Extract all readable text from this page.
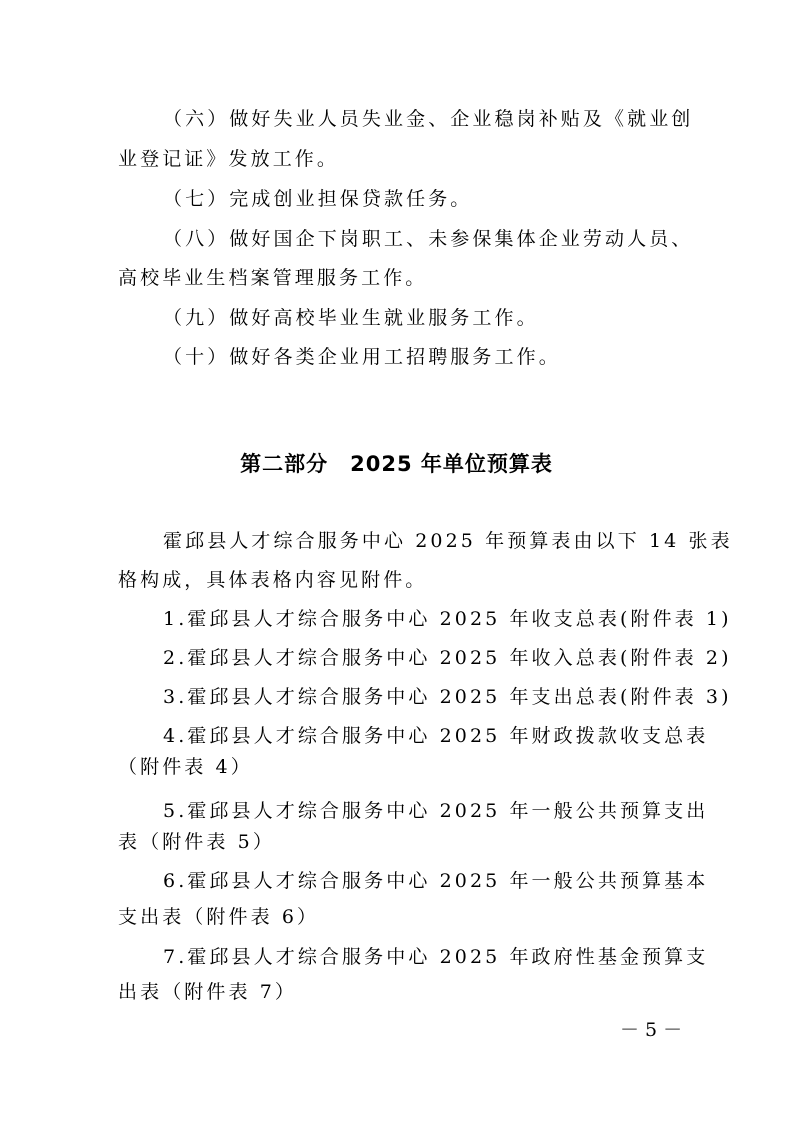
（六）做好失业人员失业金、企业稳岗补贴及《就业创
业登记证》发放工作。
（七）完成创业担保贷款任务。
（八）做好国企下岗职工、未参保集体企业劳动人员、
高校毕业生档案管理服务工作。
（九）做好高校毕业生就业服务工作。
（十）做好各类企业用工招聘服务工作。
第二部分　2025 年单位预算表
霍邱县人才综合服务中心 2025 年预算表由以下 14 张表
格构成，具体表格内容见附件。
1.霍邱县人才综合服务中心 2025 年收支总表(附件表 1)
2.霍邱县人才综合服务中心 2025 年收入总表(附件表 2)
3.霍邱县人才综合服务中心 2025 年支出总表(附件表 3)
4.霍邱县人才综合服务中心 2025 年财政拨款收支总表
（附件表 4）
5.霍邱县人才综合服务中心 2025 年一般公共预算支出
表（附件表 5）
6.霍邱县人才综合服务中心 2025 年一般公共预算基本
支出表（附件表 6）
7.霍邱县人才综合服务中心 2025 年政府性基金预算支
出表（附件表 7）
－ 5 －
